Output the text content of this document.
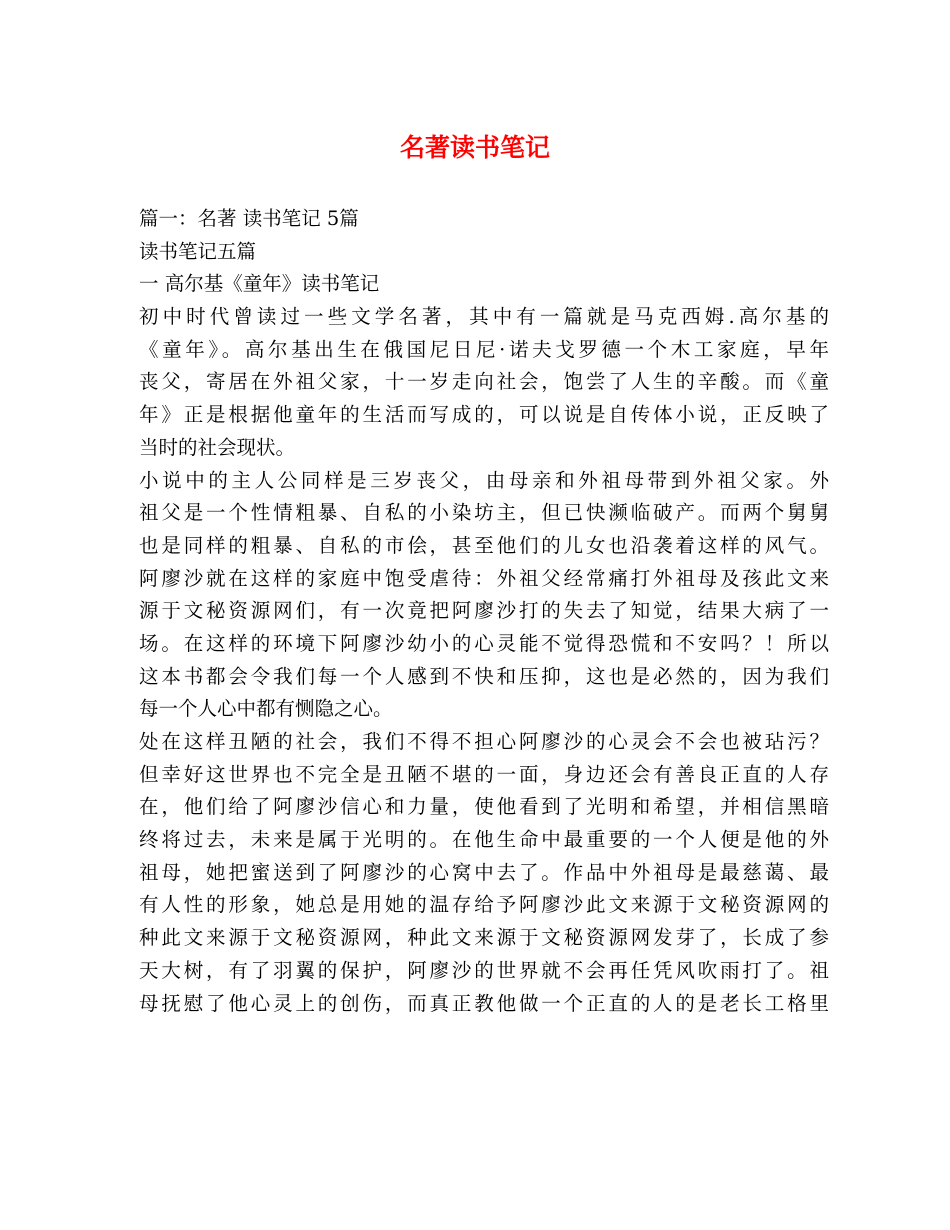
名著读书笔记
篇一：名著 读书笔记 5篇
读书笔记五篇
一 高尔基《童年》读书笔记
初中时代曾读过一些文学名著，其中有一篇就是马克西姆.高尔基的
《童年》。高尔基出生在俄国尼日尼·诺夫戈罗德一个木工家庭，早年
丧父，寄居在外祖父家，十一岁走向社会，饱尝了人生的辛酸。而《童
年》正是根据他童年的生活而写成的，可以说是自传体小说，正反映了
当时的社会现状。
小说中的主人公同样是三岁丧父，由母亲和外祖母带到外祖父家。外
祖父是一个性情粗暴、自私的小染坊主，但已快濒临破产。而两个舅舅
也是同样的粗暴、自私的市侩，甚至他们的儿女也沿袭着这样的风气。
阿廖沙就在这样的家庭中饱受虐待：外祖父经常痛打外祖母及孩此文来
源于文秘资源网们，有一次竟把阿廖沙打的失去了知觉，结果大病了一
场。在这样的环境下阿廖沙幼小的心灵能不觉得恐慌和不安吗？！所以
这本书都会令我们每一个人感到不快和压抑，这也是必然的，因为我们
每一个人心中都有恻隐之心。
处在这样丑陋的社会，我们不得不担心阿廖沙的心灵会不会也被玷污？
但幸好这世界也不完全是丑陋不堪的一面，身边还会有善良正直的人存
在，他们给了阿廖沙信心和力量，使他看到了光明和希望，并相信黑暗
终将过去，未来是属于光明的。在他生命中最重要的一个人便是他的外
祖母，她把蜜送到了阿廖沙的心窝中去了。作品中外祖母是最慈蔼、最
有人性的形象，她总是用她的温存给予阿廖沙此文来源于文秘资源网的
种此文来源于文秘资源网，种此文来源于文秘资源网发芽了，长成了参
天大树，有了羽翼的保护，阿廖沙的世界就不会再任凭风吹雨打了。祖
母抚慰了他心灵上的创伤，而真正教他做一个正直的人的是老长工格里
